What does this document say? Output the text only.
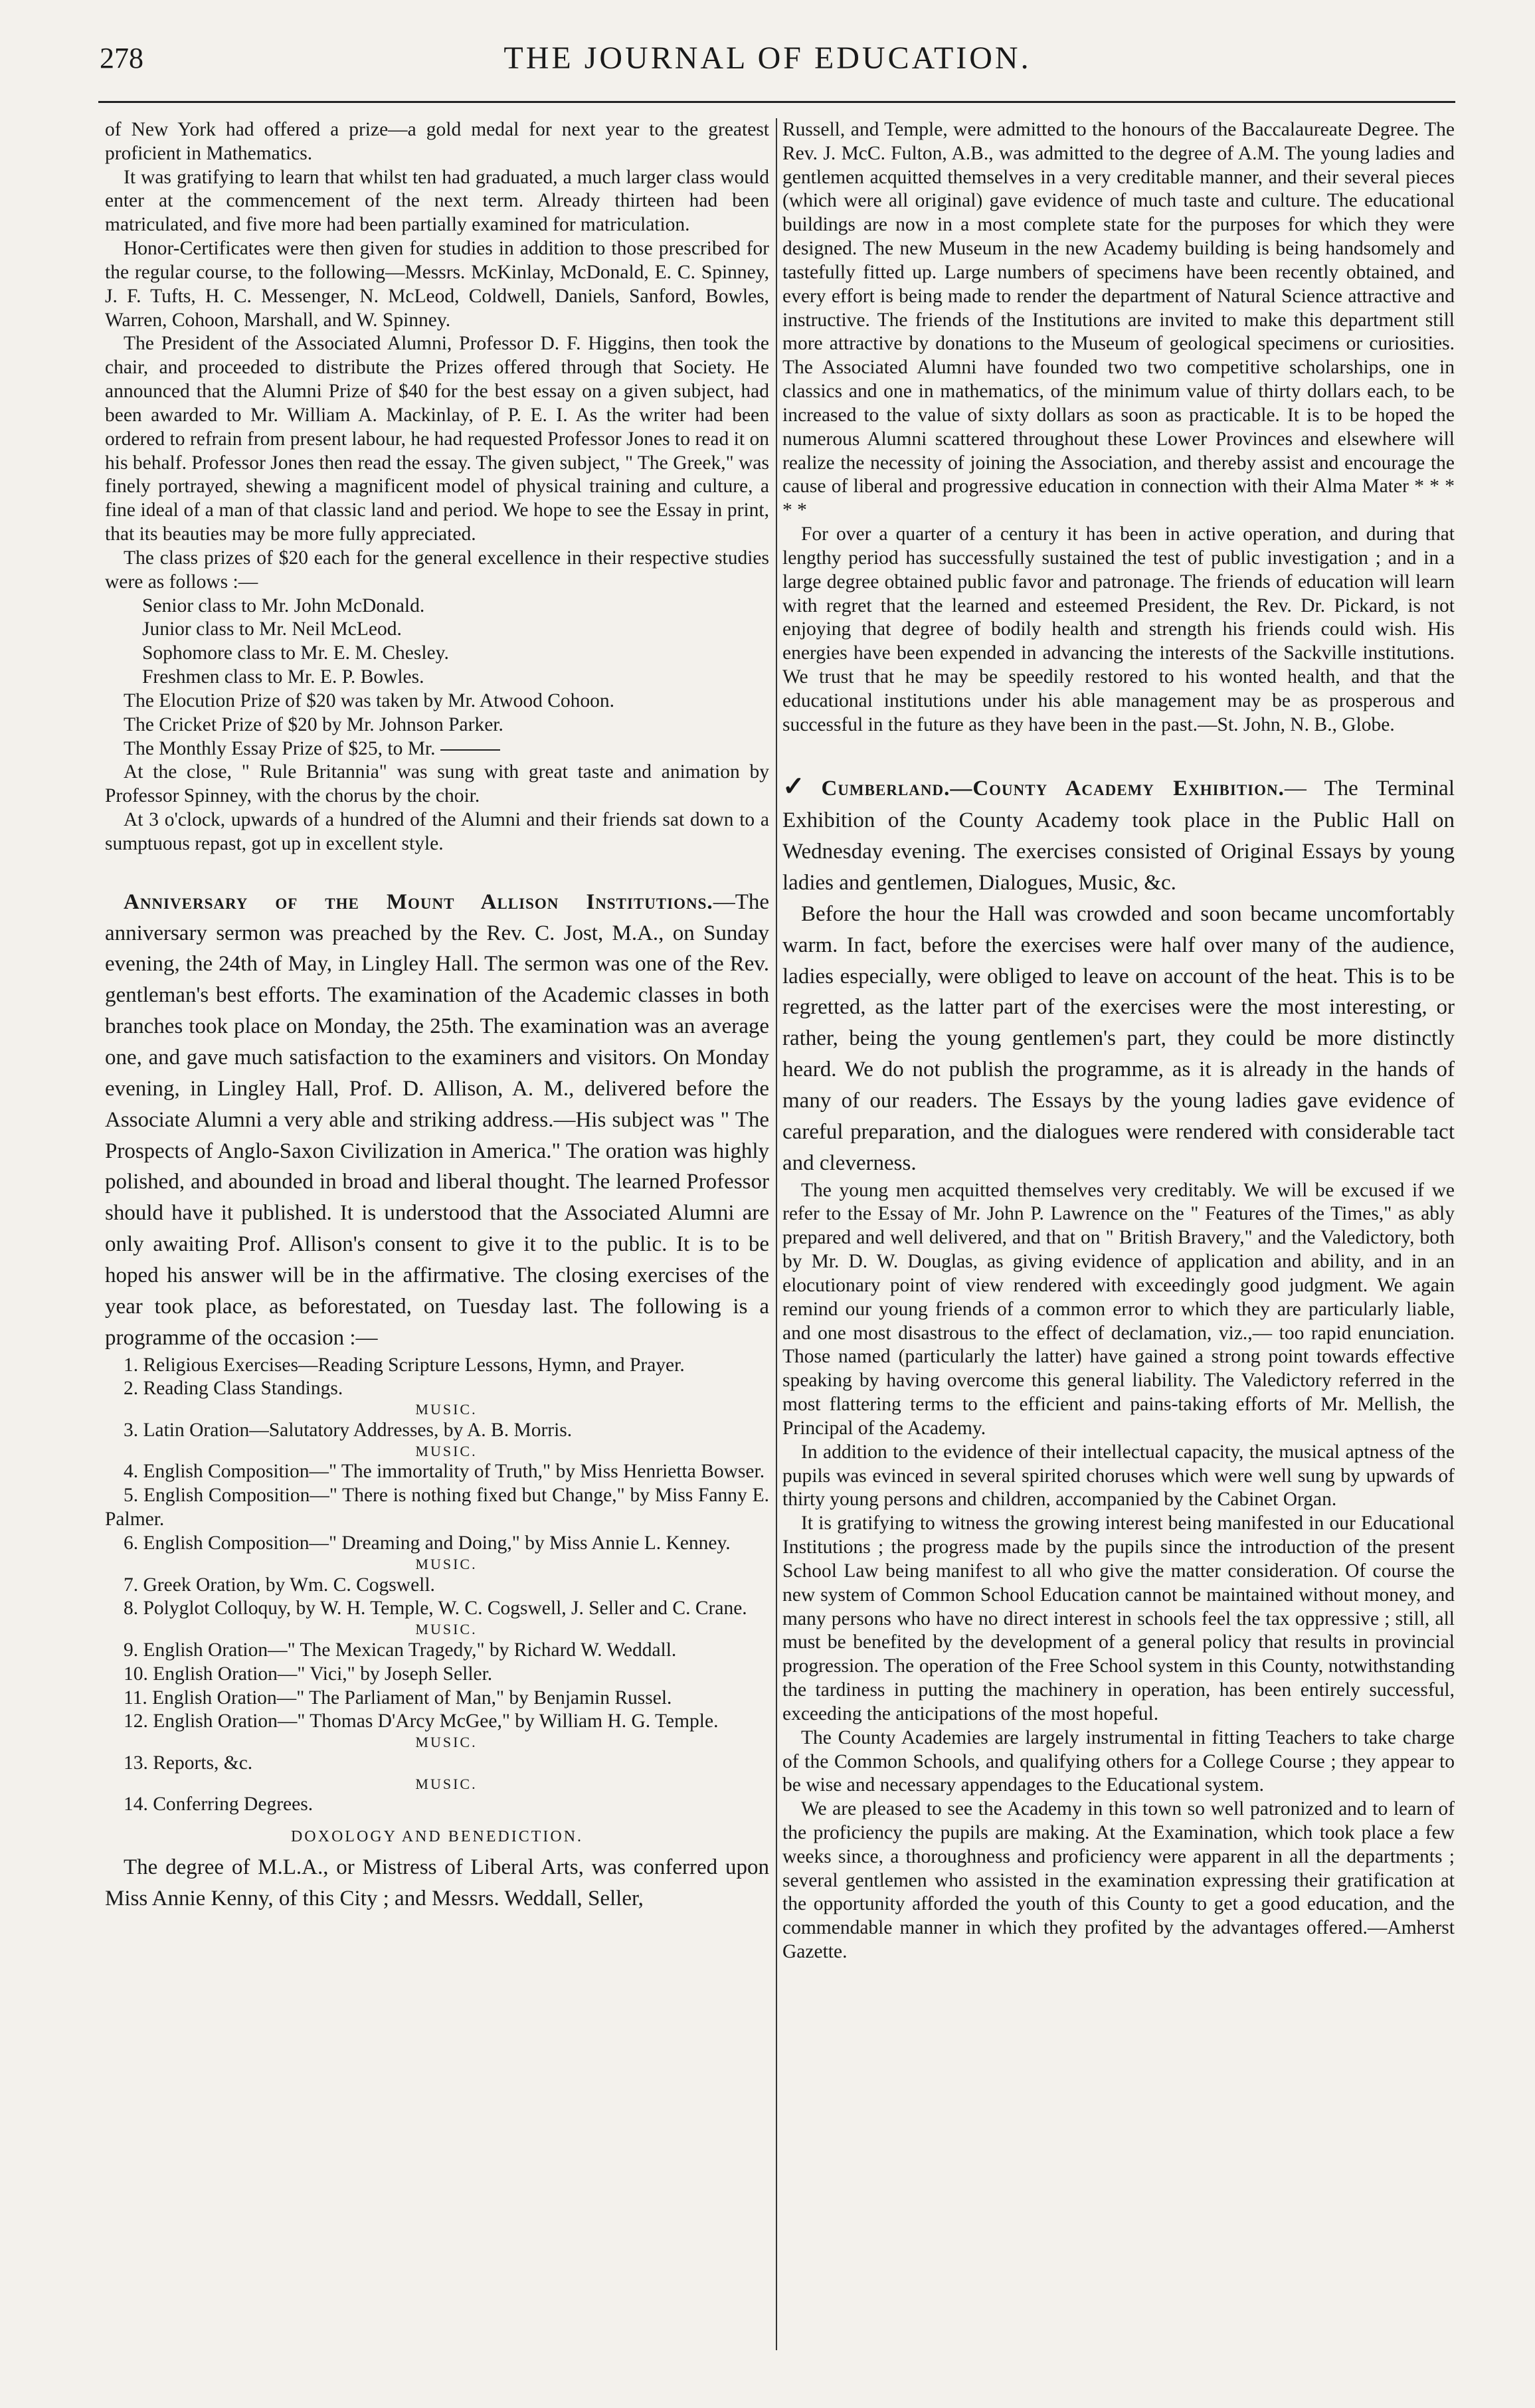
278	THE JOURNAL OF EDUCATION.

of New York had offered a prize—a gold medal for next year to the greatest proficient in Mathematics.

It was gratifying to learn that whilst ten had graduated, a much larger class would enter at the commencement of the next term. Already thirteen had been matriculated, and five more had been partially examined for matriculation.

Honor-Certificates were then given for studies in addition to those prescribed for the regular course, to the following—Messrs. McKinlay, McDonald, E. C. Spinney, J. F. Tufts, H. C. Messenger, N. McLeod, Coldwell, Daniels, Sanford, Bowles, Warren, Cohoon, Marshall, and W. Spinney.

The President of the Associated Alumni, Professor D. F. Higgins, then took the chair, and proceeded to distribute the Prizes offered through that Society. He announced that the Alumni Prize of $40 for the best essay on a given subject, had been awarded to Mr. William A. Mackinlay, of P. E. I. As the writer had been ordered to refrain from present labour, he had requested Professor Jones to read it on his behalf. Professor Jones then read the essay. The given subject, " The Greek," was finely portrayed, shewing a magnificent model of physical training and culture, a fine ideal of a man of that classic land and period. We hope to see the Essay in print, that its beauties may be more fully appreciated.

The class prizes of $20 each for the general excellence in their respective studies were as follows :—

Senior class to Mr. John McDonald.

Junior class to Mr. Neil McLeod.

Sophomore class to Mr. E. M. Chesley.

Freshmen class to Mr. E. P. Bowles.

The Elocution Prize of $20 was taken by Mr. Atwood Cohoon.

The Cricket Prize of $20 by Mr. Johnson Parker.

The Monthly Essay Prize of $25, to Mr.

At the close, " Rule Britannia" was sung with great taste and animation by Professor Spinney, with the chorus by the choir.

At 3 o'clock, upwards of a hundred of the Alumni and their friends sat down to a sumptuous repast, got up in excellent style.

Anniversary of the Mount Allison Institutions.—The anniversary sermon was preached by the Rev. C. Jost, M.A., on Sunday evening, the 24th of May, in Lingley Hall. The sermon was one of the Rev. gentleman's best efforts. The examination of the Academic classes in both branches took place on Monday, the 25th. The examination was an average one, and gave much satisfaction to the examiners and visitors. On Monday evening, in Lingley Hall, Prof. D. Allison, A. M., delivered before the Associate Alumni a very able and striking address.—His subject was " The Prospects of Anglo-Saxon Civilization in America." The oration was highly polished, and abounded in broad and liberal thought. The learned Professor should have it published. It is understood that the Associated Alumni are only awaiting Prof. Allison's consent to give it to the public. It is to be hoped his answer will be in the affirmative. The closing exercises of the year took place, as beforestated, on Tuesday last. The following is a programme of the occasion :—

1. Religious Exercises—Reading Scripture Lessons, Hymn, and Prayer.

2. Reading Class Standings.

MUSIC.

3. Latin Oration—Salutatory Addresses, by A. B. Morris.

MUSIC.

4. English Composition—" The immortality of Truth," by Miss Henrietta Bowser.

5. English Composition—" There is nothing fixed but Change," by Miss Fanny E. Palmer.

6. English Composition—" Dreaming and Doing," by Miss Annie L. Kenney.

MUSIC.

7. Greek Oration, by Wm. C. Cogswell.

8. Polyglot Colloquy, by W. H. Temple, W. C. Cogswell, J. Seller and C. Crane.

MUSIC.

9. English Oration—" The Mexican Tragedy," by Richard W. Weddall.

10. English Oration—" Vici," by Joseph Seller.

11. English Oration—" The Parliament of Man," by Benjamin Russel.

12. English Oration—" Thomas D'Arcy McGee," by William H. G. Temple.

MUSIC.

13. Reports, &c.

MUSIC.

14. Conferring Degrees.

DOXOLOGY AND BENEDICTION.

The degree of M.L.A., or Mistress of Liberal Arts, was conferred upon Miss Annie Kenny, of this City ; and Messrs. Weddall, Seller,

Russell, and Temple, were admitted to the honours of the Baccalaureate Degree. The Rev. J. McC. Fulton, A.B., was admitted to the degree of A.M. The young ladies and gentlemen acquitted themselves in a very creditable manner, and their several pieces (which were all original) gave evidence of much taste and culture. The educational buildings are now in a most complete state for the purposes for which they were designed. The new Museum in the new Academy building is being handsomely and tastefully fitted up. Large numbers of specimens have been recently obtained, and every effort is being made to render the department of Natural Science attractive and instructive. The friends of the Institutions are invited to make this department still more attractive by donations to the Museum of geological specimens or curiosities. The Associated Alumni have founded two two competitive scholarships, one in classics and one in mathematics, of the minimum value of thirty dollars each, to be increased to the value of sixty dollars as soon as practicable. It is to be hoped the numerous Alumni scattered throughout these Lower Provinces and elsewhere will realize the necessity of joining the Association, and thereby assist and encourage the cause of liberal and progressive education in connection with their Alma Mater * * * * *

For over a quarter of a century it has been in active operation, and during that lengthy period has successfully sustained the test of public investigation ; and in a large degree obtained public favor and patronage. The friends of education will learn with regret that the learned and esteemed President, the Rev. Dr. Pickard, is not enjoying that degree of bodily health and strength his friends could wish. His energies have been expended in advancing the interests of the Sackville institutions. We trust that he may be speedily restored to his wonted health, and that the educational institutions under his able management may be as prosperous and successful in the future as they have been in the past.—St. John, N. B., Globe.

✓ Cumberland.—County Academy Exhibition.— The Terminal Exhibition of the County Academy took place in the Public Hall on Wednesday evening. The exercises consisted of Original Essays by young ladies and gentlemen, Dialogues, Music, &c.

Before the hour the Hall was crowded and soon became uncomfortably warm. In fact, before the exercises were half over many of the audience, ladies especially, were obliged to leave on account of the heat. This is to be regretted, as the latter part of the exercises were the most interesting, or rather, being the young gentlemen's part, they could be more distinctly heard. We do not publish the programme, as it is already in the hands of many of our readers. The Essays by the young ladies gave evidence of careful preparation, and the dialogues were rendered with considerable tact and cleverness.

The young men acquitted themselves very creditably. We will be excused if we refer to the Essay of Mr. John P. Lawrence on the " Features of the Times," as ably prepared and well delivered, and that on " British Bravery," and the Valedictory, both by Mr. D. W. Douglas, as giving evidence of application and ability, and in an elocutionary point of view rendered with exceedingly good judgment. We again remind our young friends of a common error to which they are particularly liable, and one most disastrous to the effect of declamation, viz.,— too rapid enunciation. Those named (particularly the latter) have gained a strong point towards effective speaking by having overcome this general liability. The Valedictory referred in the most flattering terms to the efficient and pains-taking efforts of Mr. Mellish, the Principal of the Academy.

In addition to the evidence of their intellectual capacity, the musical aptness of the pupils was evinced in several spirited choruses which were well sung by upwards of thirty young persons and children, accompanied by the Cabinet Organ.

It is gratifying to witness the growing interest being manifested in our Educational Institutions ; the progress made by the pupils since the introduction of the present School Law being manifest to all who give the matter consideration. Of course the new system of Common School Education cannot be maintained without money, and many persons who have no direct interest in schools feel the tax oppressive ; still, all must be benefited by the development of a general policy that results in provincial progression. The operation of the Free School system in this County, notwithstanding the tardiness in putting the machinery in operation, has been entirely successful, exceeding the anticipations of the most hopeful.

The County Academies are largely instrumental in fitting Teachers to take charge of the Common Schools, and qualifying others for a College Course ; they appear to be wise and necessary appendages to the Educational system.

We are pleased to see the Academy in this town so well patronized and to learn of the proficiency the pupils are making. At the Examination, which took place a few weeks since, a thoroughness and proficiency were apparent in all the departments ; several gentlemen who assisted in the examination expressing their gratification at the opportunity afforded the youth of this County to get a good education, and the commendable manner in which they profited by the advantages offered.—Amherst Gazette.
